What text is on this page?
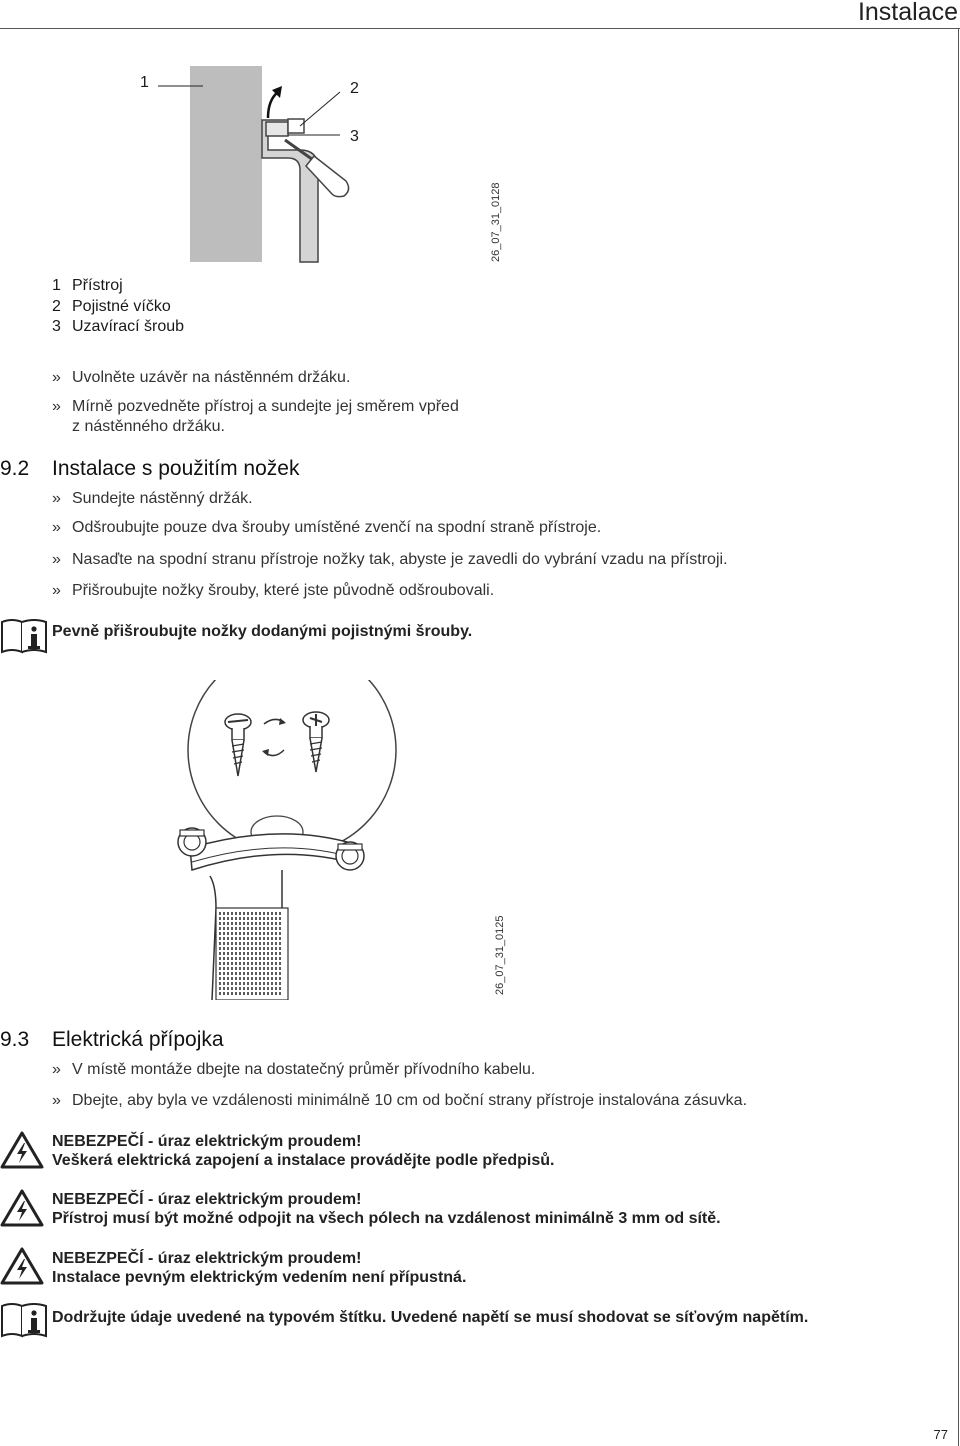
Instalace
1	2
3
26_07_31_0128
1 Přístroj
2 Pojistné víčko
3 Uzavírací šroub
» Uvolněte uzávěr na nástěnném držáku.
» Mírně pozvedněte přístroj a sundejte jej směrem vpřed
z nástěnného držáku.
9.2 Instalace s použitím nožek
» Sundejte nástěnný držák.
» Odšroubujte pouze dva šrouby umístěné zvenčí na spodní straně přístroje.
» Nasaďte na spodní stranu přístroje nožky tak, abyste je zavedli do vybrání vzadu na přístroji.
» Přišroubujte nožky šrouby, které jste původně odšroubovali.
Pevně přišroubujte nožky dodanými pojistnými šrouby.
26_07_31_0125
9.3 Elektrická přípojka
» V místě montáže dbejte na dostatečný průměr přívodního kabelu.
» Dbejte, aby byla ve vzdálenosti minimálně 10 cm od boční strany přístroje instalována zásuvka.
NEBEZPEČÍ - úraz elektrickým proudem!
Veškerá elektrická zapojení a instalace provádějte podle předpisů.
NEBEZPEČÍ - úraz elektrickým proudem!
Přístroj musí být možné odpojit na všech pólech na vzdálenost minimálně 3 mm od sítě.
NEBEZPEČÍ - úraz elektrickým proudem!
Instalace pevným elektrickým vedením není přípustná.
Dodržujte údaje uvedené na typovém štítku. Uvedené napětí se musí shodovat se síťovým napětím.
77
